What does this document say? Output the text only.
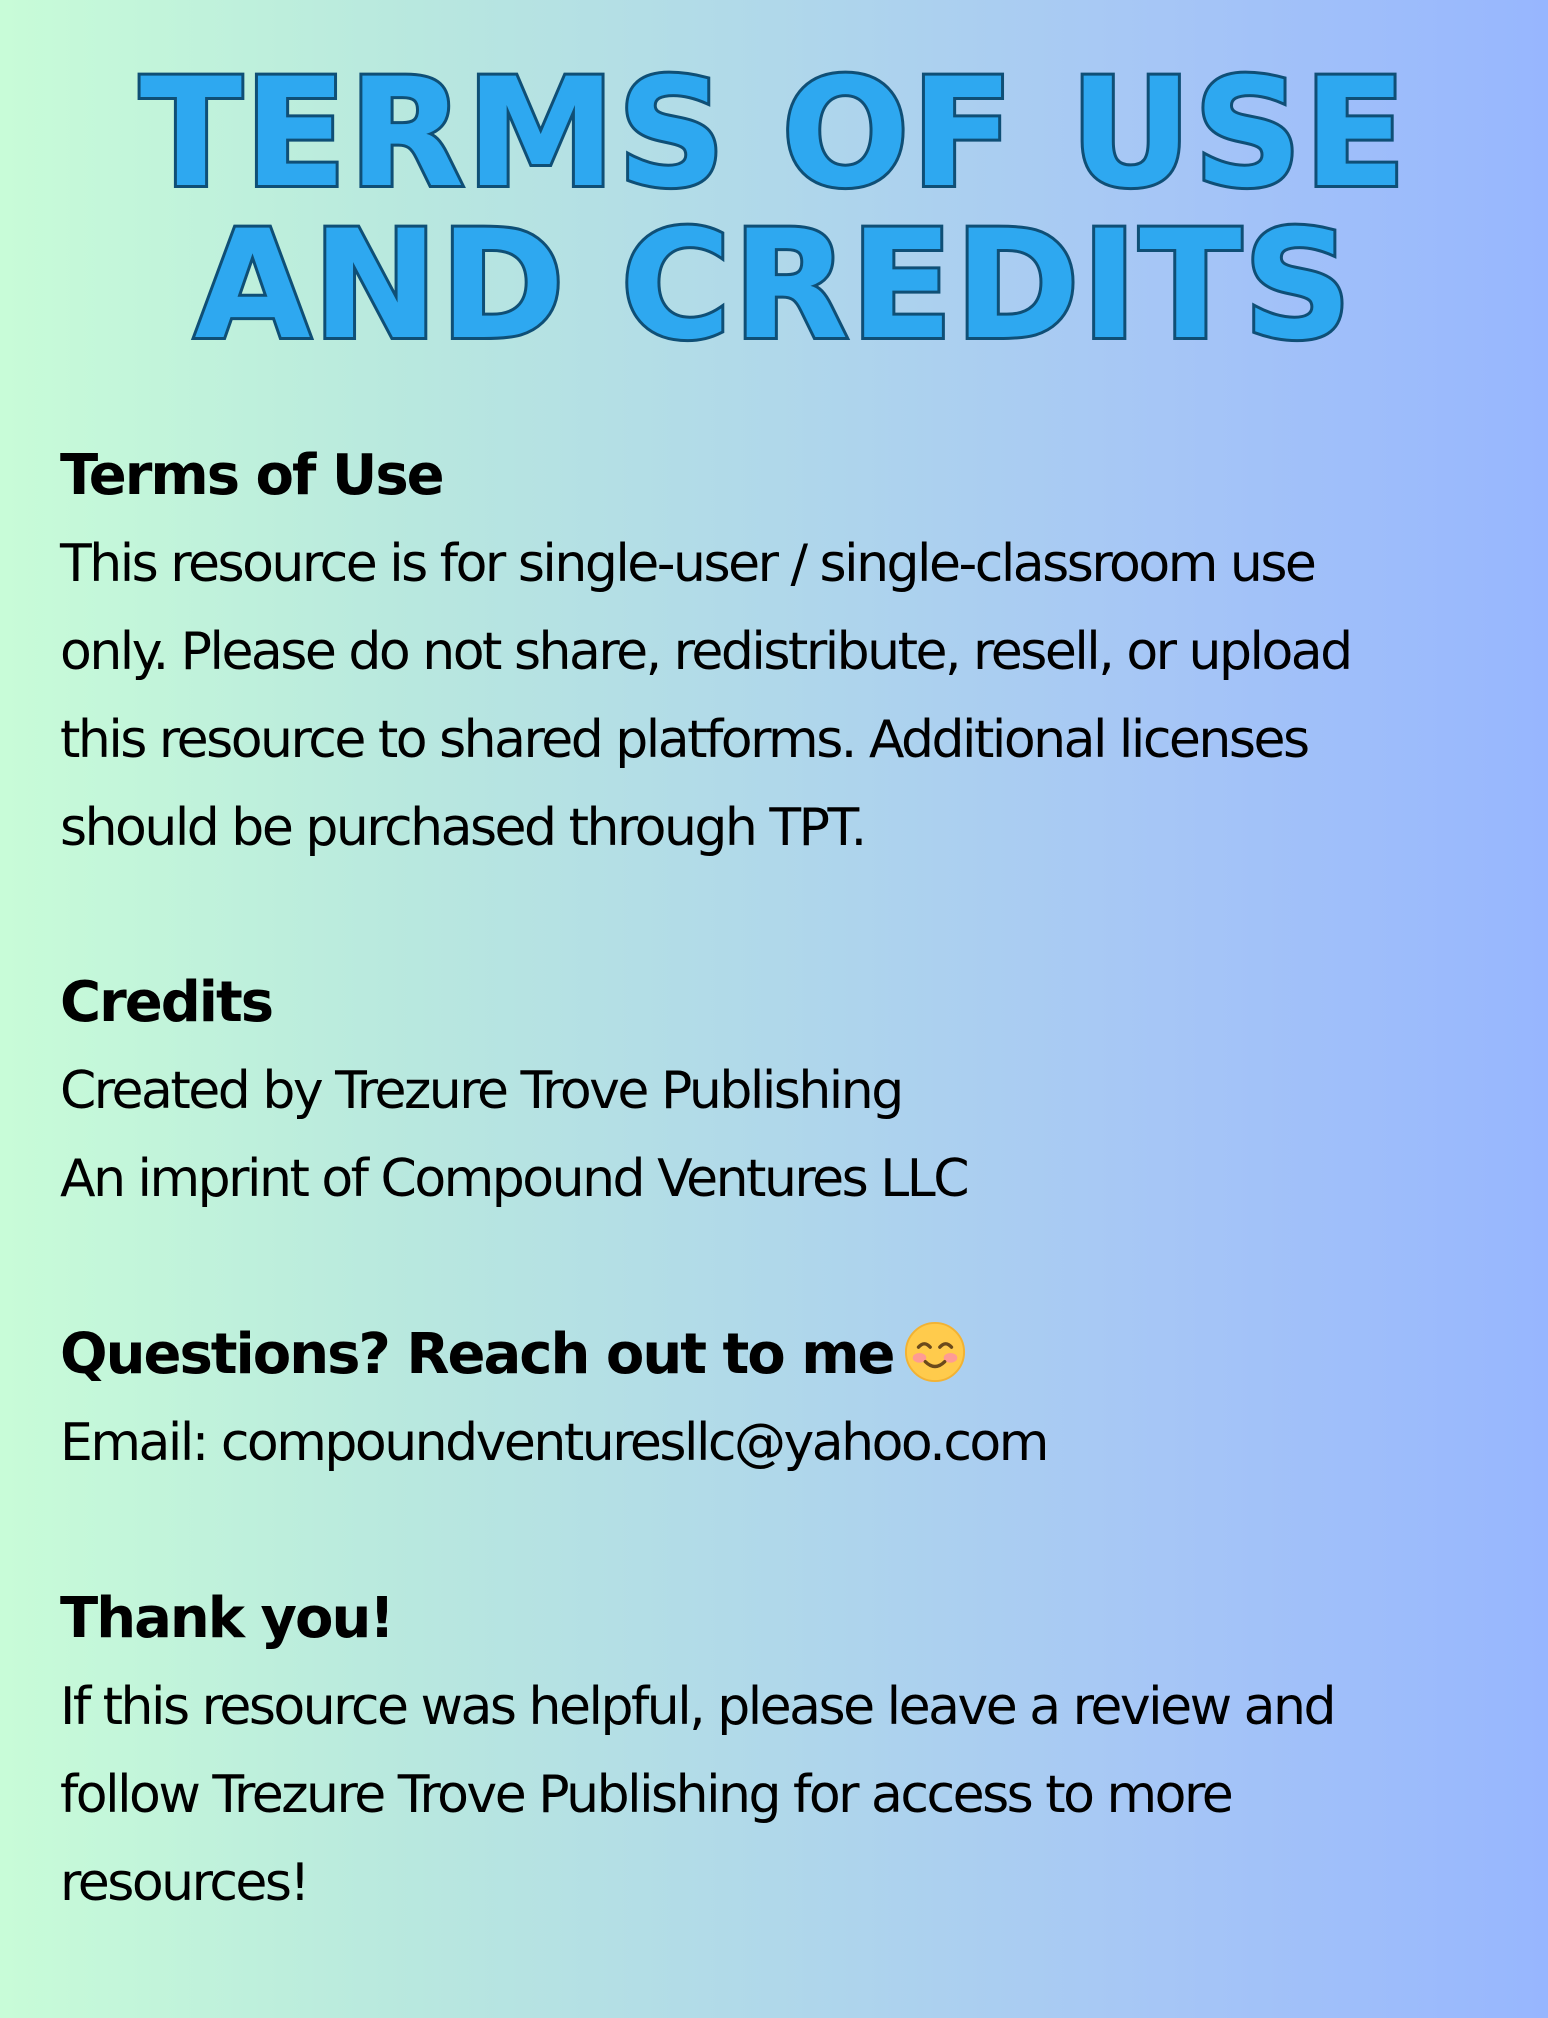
TERMS OF USE
AND CREDITS

Terms of Use

This resource is for single-user / single-classroom use

only. Please do not share, redistribute, resell, or upload

this resource to shared platforms. Additional licenses

should be purchased through TPT.

Credits

Created by Trezure Trove Publishing

An imprint of Compound Ventures LLC

Questions? Reach out to me

Email: compoundventuresllc@yahoo.com

Thank you!

If this resource was helpful, please leave a review and

follow Trezure Trove Publishing for access to more

resources!
